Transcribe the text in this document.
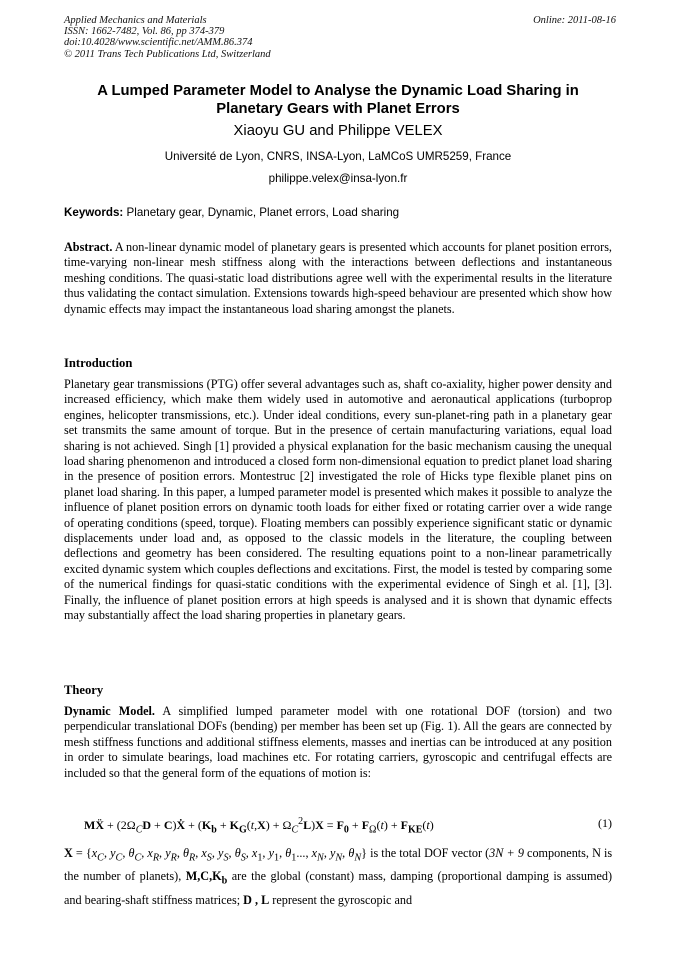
Applied Mechanics and Materials
ISSN: 1662-7482, Vol. 86, pp 374-379
doi:10.4028/www.scientific.net/AMM.86.374
© 2011 Trans Tech Publications Ltd, Switzerland
Online: 2011-08-16
A Lumped Parameter Model to Analyse the Dynamic Load Sharing in Planetary Gears with Planet Errors
Xiaoyu GU and Philippe VELEX
Université de Lyon, CNRS, INSA-Lyon, LaMCoS UMR5259, France
philippe.velex@insa-lyon.fr
Keywords: Planetary gear, Dynamic, Planet errors, Load sharing
Abstract. A non-linear dynamic model of planetary gears is presented which accounts for planet position errors, time-varying non-linear mesh stiffness along with the interactions between deflections and instantaneous meshing conditions. The quasi-static load distributions agree well with the experimental results in the literature thus validating the contact simulation. Extensions towards high-speed behaviour are presented which show how dynamic effects may impact the instantaneous load sharing amongst the planets.
Introduction
Planetary gear transmissions (PTG) offer several advantages such as, shaft co-axiality, higher power density and increased efficiency, which make them widely used in automotive and aeronautical applications (turboprop engines, helicopter transmissions, etc.). Under ideal conditions, every sun-planet-ring path in a planetary gear set transmits the same amount of torque. But in the presence of certain manufacturing variations, equal load sharing is not achieved. Singh [1] provided a physical explanation for the basic mechanism causing the unequal load sharing phenomenon and introduced a closed form non-dimensional equation to predict planet load sharing in the presence of position errors. Montestruc [2] investigated the role of Hicks type flexible planet pins on planet load sharing. In this paper, a lumped parameter model is presented which makes it possible to analyze the influence of planet position errors on dynamic tooth loads for either fixed or rotating carrier over a wide range of operating conditions (speed, torque). Floating members can possibly experience significant static or dynamic displacements under load and, as opposed to the classic models in the literature, the coupling between deflections and geometry has been considered. The resulting equations point to a non-linear parametrically excited dynamic system which couples deflections and excitations. First, the model is tested by comparing some of the numerical findings for quasi-static conditions with the experimental evidence of Singh et al. [1], [3]. Finally, the influence of planet position errors at high speeds is analysed and it is shown that dynamic effects may substantially affect the load sharing properties in planetary gears.
Theory
Dynamic Model. A simplified lumped parameter model with one rotational DOF (torsion) and two perpendicular translational DOFs (bending) per member has been set up (Fig. 1). All the gears are connected by mesh stiffness functions and additional stiffness elements, masses and inertias can be introduced at any position in order to simulate bearings, load machines etc. For rotating carriers, gyroscopic and centrifugal effects are included so that the general form of the equations of motion is:
MẌ + ($2\Omega_CD$ + C)Ẋ + $(K_b + K_G(t,X) + \Omega_C^2L)X = F_0 + F_\Omega(t) + F_{KE}(t)$	(1)
$X = \{x_C$, $y_C$, $\theta_C$, $x_R$, $y_R$, $\theta_R$, $x_S$, $y_S$, $\theta_S$, $x_1$, $y_1$, $\theta_1$..., $x_N$, $y_N$, $\theta_N$} is the total DOF vector (3N + 9 components, N is the number of planets), $M,C,K_b$ are the global (constant) mass, damping (proportional damping is assumed) and bearing-shaft stiffness matrices; D , L represent the gyroscopic and
